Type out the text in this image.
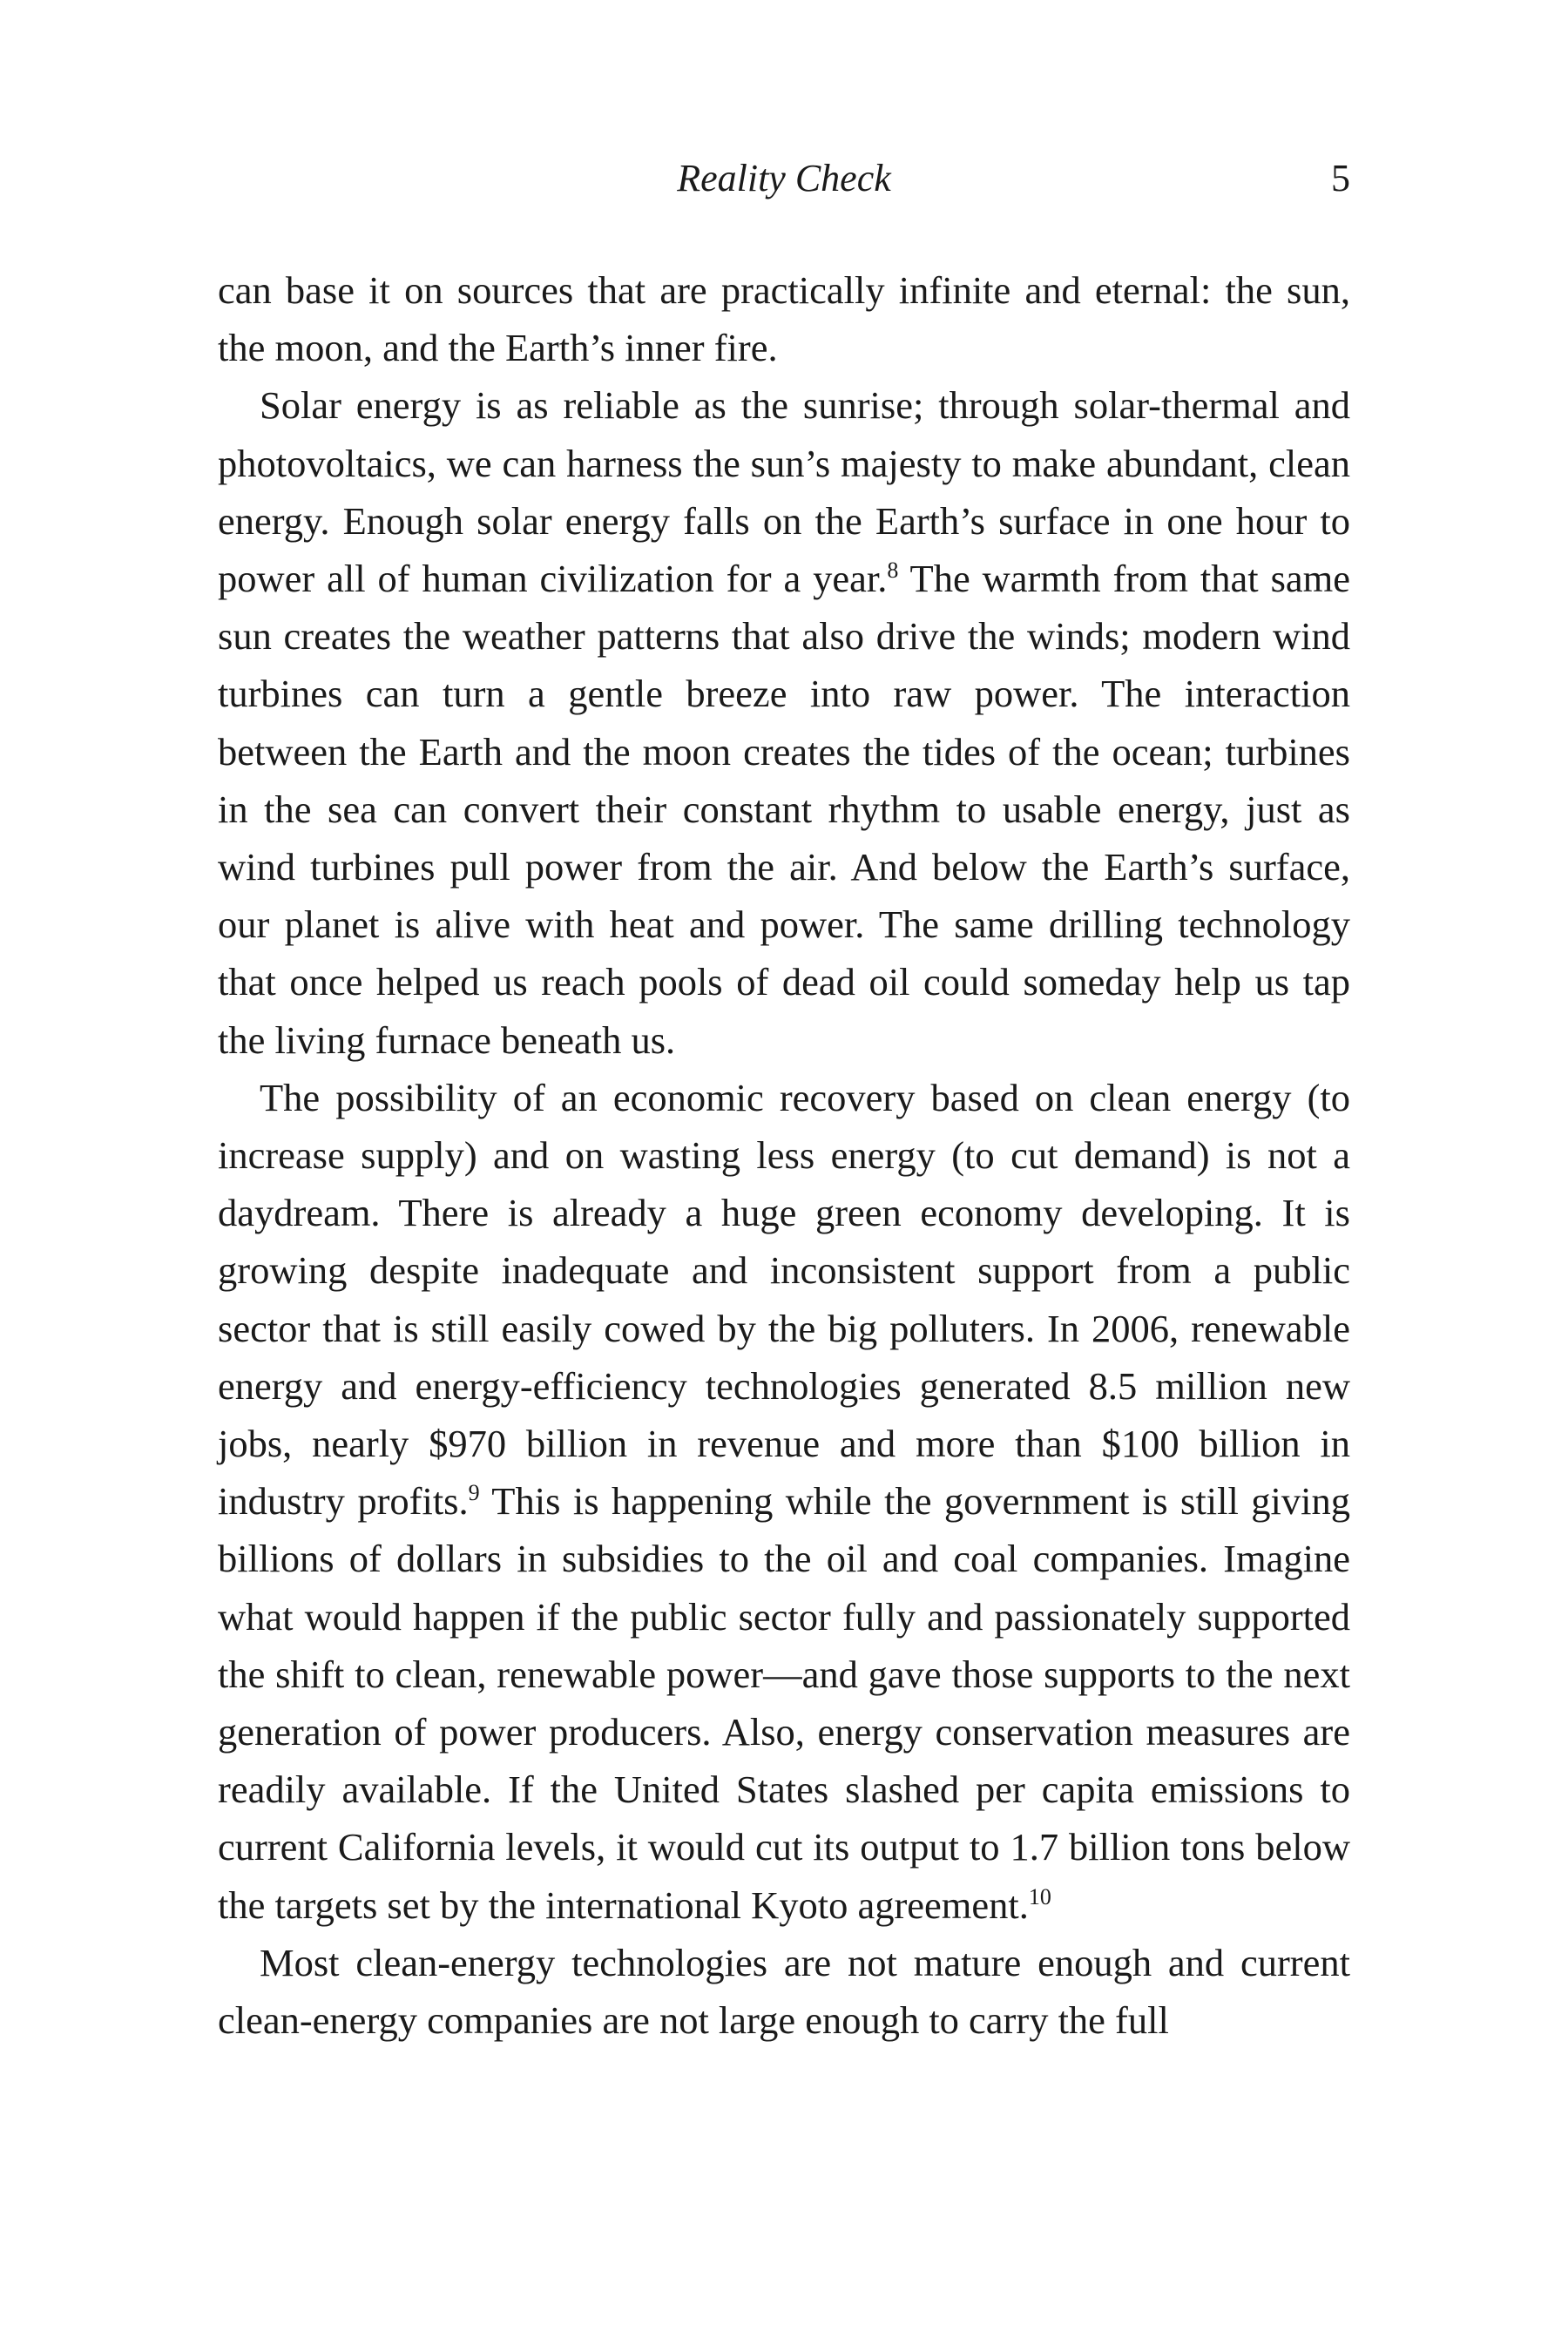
Reality Check	5

can base it on sources that are practically infinite and eternal: the sun, the moon, and the Earth’s inner fire.

Solar energy is as reliable as the sunrise; through solar-thermal and photovoltaics, we can harness the sun’s majesty to make abundant, clean energy. Enough solar energy falls on the Earth’s surface in one hour to power all of human civilization for a year.$^8$ The warmth from that same sun creates the weather patterns that also drive the winds; modern wind turbines can turn a gentle breeze into raw power. The interaction between the Earth and the moon creates the tides of the ocean; turbines in the sea can convert their constant rhythm to usable energy, just as wind turbines pull power from the air. And below the Earth’s surface, our planet is alive with heat and power. The same drilling technology that once helped us reach pools of dead oil could someday help us tap the living furnace beneath us.

The possibility of an economic recovery based on clean energy (to increase supply) and on wasting less energy (to cut demand) is not a daydream. There is already a huge green economy developing. It is growing despite inadequate and inconsistent support from a public sector that is still easily cowed by the big polluters. In 2006, renewable energy and energy-efficiency technologies generated 8.5 million new jobs, nearly $970 billion in revenue and more than $100 billion in industry profits.$^9$ This is happening while the government is still giving billions of dollars in subsidies to the oil and coal companies. Imagine what would happen if the public sector fully and passionately supported the shift to clean, renewable power—and gave those supports to the next generation of power producers. Also, energy conservation measures are readily available. If the United States slashed per capita emissions to current California levels, it would cut its output to 1.7 billion tons below the targets set by the international Kyoto agreement.$^{10}$

Most clean-energy technologies are not mature enough and current clean-energy companies are not large enough to carry the full
